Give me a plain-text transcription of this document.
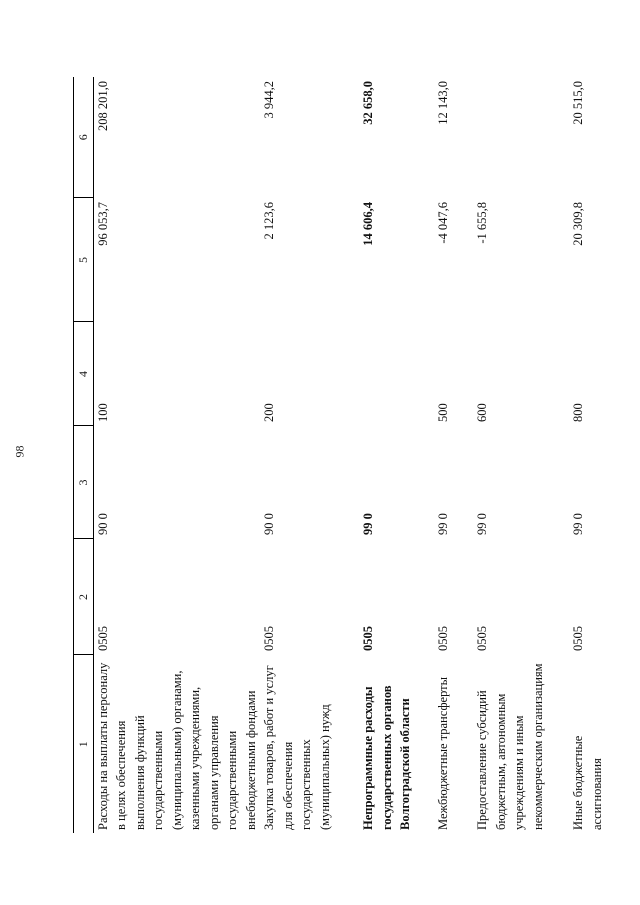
98
1	2	3	4	5	6
Расходы на выплаты персоналу в целях обеспечения выполнения функций государственными (муниципальными) органами, казенными учреждениями, органами управления государственными внебюджетными фондами	0505	90 0	100	96 053,7	208 201,0
Закупка товаров, работ и услуг для обеспечения государственных (муниципальных) нужд	0505	90 0	200	2 123,6	3 944,2
Непрограммные расходы государственных органов Волгоградской области	0505	99 0		14 606,4	32 658,0
Межбюджетные трансферты	0505	99 0	500	-4 047,6	12 143,0
Предоставление субсидий бюджетным, автономным учреждениям и иным некоммерческим организациям	0505	99 0	600	-1 655,8	
Иные бюджетные ассигнования	0505	99 0	800	20 309,8	20 515,0
